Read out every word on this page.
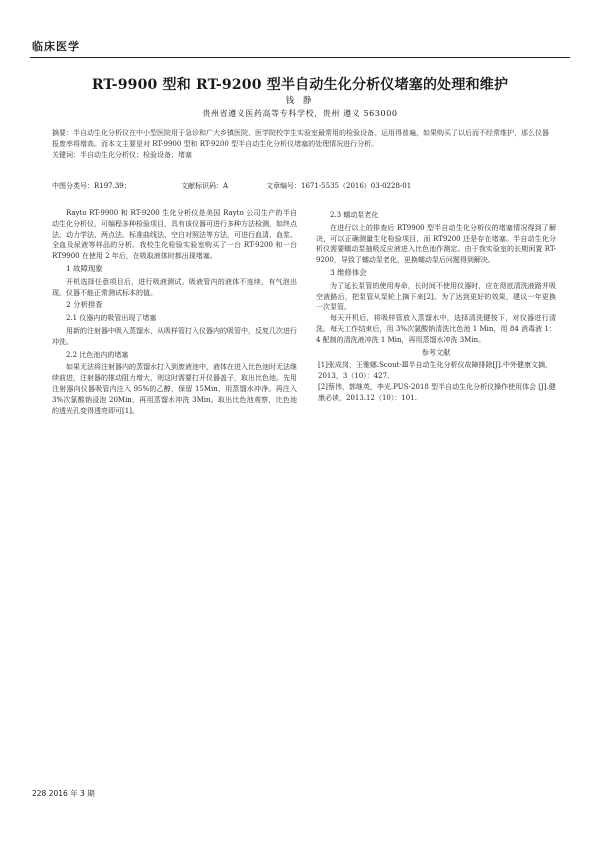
临床医学
RT-9900 型和 RT-9200 型半自动生化分析仪堵塞的处理和维护
钱 静
贵州省遵义医药高等专科学校，贵州 遵义 563000

摘要：半自动生化分析仪在中小型医院用于急诊和广大乡镇医院、医学院校学生实验室最常用的检验设备。运用得普遍，如果购买了以后而不经常维护，那么仪器报废率将增高。而本文主要是对 RT-9900 型和 RT-9200 型半自动生化分析仪堵塞的处理情况进行分析。

关键词：半自动生化分析仪；检验设备；堵塞

中图分类号：R197.39；	文献标识码：A	文章编号：1671-5535（2016）03-0228-01

Rayto RT-9900 和 RT-9200 生化分析仪是美国 Rayto 公司生产的半自动生化分析仪，可编程多种检验项目，具有该仪器可进行多种方法检测，如终点法、动力学法、两点法、标准曲线法、空白对照法等方法，可进行血清、血浆、全血及尿液等样品的分析。我校生化检验实验室购买了一台 RT-9200 和一台 RT9900 在使用 2 年后，在吸取液体时都出现堵塞。

1 故障现象

开机选择任意项目后，进行吸液测试。吸液管内的液体不连续，有气泡出现。仪器不能正常测试标本的值。

2 分析排查
2.1 仪器内的吸管出现了堵塞

用新的注射器中吸入蒸馏水，从吸样管打入仪器内的吸管中，反复几次进行冲洗。

2.2 比色池内的堵塞

如果无法将注射器内的蒸馏水打入到废液池中，液体在进入比色池时无法继续前进，注射器的推动阻力增大，则这时需要打开仪器盖子，取出比色池。先用注射器向仪器吸管内注入 95%的乙醇，保留 15Min，用蒸馏水冲净。再注入 3%次氯酸钠浸泡 20Min，再用蒸馏水冲洗 3Min。取出比色池观察，比色池的透光孔变得透亮即可[1]。

2.3 蠕动泵老化

在进行以上的排查后 RT9900 型半自动生化分析仪的堵塞情况得到了解决，可以正确测量生化检验项目，而 RT9200 还是存在堵塞。半自动生化分析仪需要蠕动泵抽吸反应液进入比色池作测定。由于我实验室的长期闲置 RT-9200，导致了蠕动泵老化，更换蠕动泵后问题得到解决。

3 维修体会

为了延长泵管的使用寿命，长时间不使用仪器时，应在彻底清洗液路并吸空液路后，把泵管从泵轮上摘下来[2]。为了达到更好的效果，建议一年更换一次泵管。

每天开机后，将吸样管放入蒸馏水中，选择清洗键按下，对仪器进行清洗。每天工作结束后，用 3%次氯酸钠清洗比色池 1 Min，用 84 消毒液 1：4 配制的清洗液冲洗 1 Min，再用蒸馏水冲洗 3Min。

参考文献

[1]张成岗，王雅娜.Scout-Ⅲ半自动生化分析仪故障排除[J].中外健康文摘，2013，3（10）：427.

[2]蔡伟，郭继英，李光.PUS-2018 型半自动生化分析仪操作使用体会 [J].健康必读，2013.12（10）：101.

228 2016 年 3 期
